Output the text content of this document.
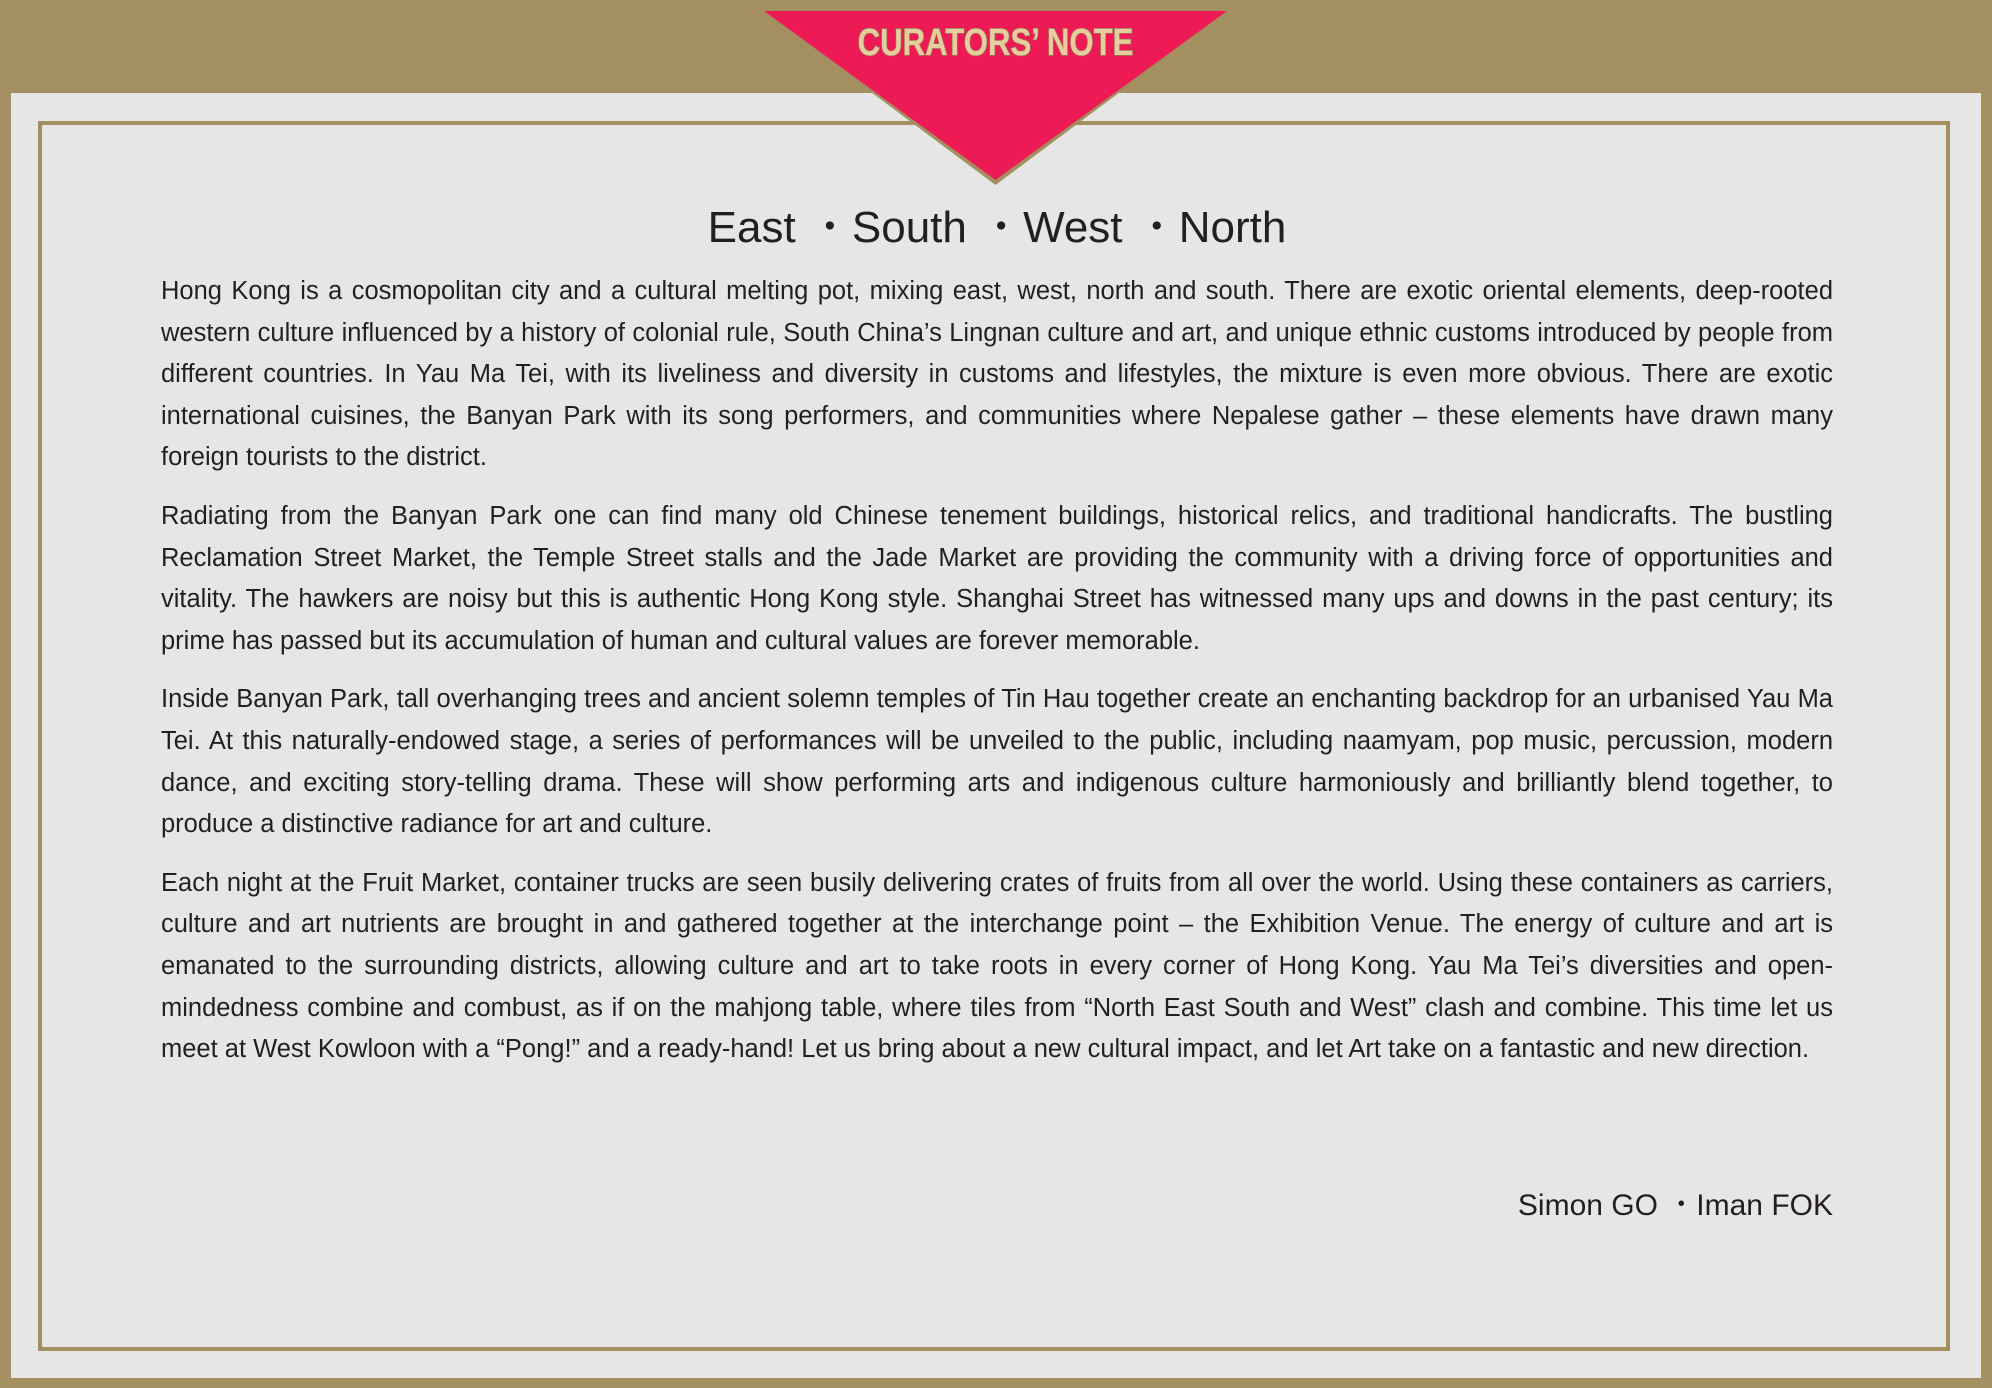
CURATORS’ NOTE
East ・South ・West ・North

Hong Kong is a cosmopolitan city and a cultural melting pot, mixing east, west, north and south. There are exotic oriental elements, deep-rooted western culture influenced by a history of colonial rule, South China’s Lingnan culture and art, and unique ethnic customs introduced by people from different countries. In Yau Ma Tei, with its liveliness and diversity in customs and lifestyles, the mixture is even more obvious. There are exotic international cuisines, the Banyan Park with its song performers, and communities where Nepalese gather – these elements have drawn many foreign tourists to the district.

Radiating from the Banyan Park one can find many old Chinese tenement buildings, historical relics, and traditional handicrafts. The bustling Reclamation Street Market, the Temple Street stalls and the Jade Market are providing the community with a driving force of opportunities and vitality. The hawkers are noisy but this is authentic Hong Kong style. Shanghai Street has witnessed many ups and downs in the past century; its prime has passed but its accumulation of human and cultural values are forever memorable.

Inside Banyan Park, tall overhanging trees and ancient solemn temples of Tin Hau together create an enchanting backdrop for an urbanised Yau Ma Tei. At this naturally-endowed stage, a series of performances will be unveiled to the public, including naamyam, pop music, percussion, modern dance, and exciting story-telling drama. These will show performing arts and indigenous culture harmoniously and brilliantly blend together, to produce a distinctive radiance for art and culture.

Each night at the Fruit Market, container trucks are seen busily delivering crates of fruits from all over the world. Using these containers as carriers, culture and art nutrients are brought in and gathered together at the interchange point – the Exhibition Venue. The energy of culture and art is emanated to the surrounding districts, allowing culture and art to take roots in every corner of Hong Kong. Yau Ma Tei’s diversities and open-mindedness combine and combust, as if on the mahjong table, where tiles from “North East South and West” clash and combine. This time let us meet at West Kowloon with a “Pong!” and a ready-hand! Let us bring about a new cultural impact, and let Art take on a fantastic and new direction.

Simon GO ・Iman FOK
